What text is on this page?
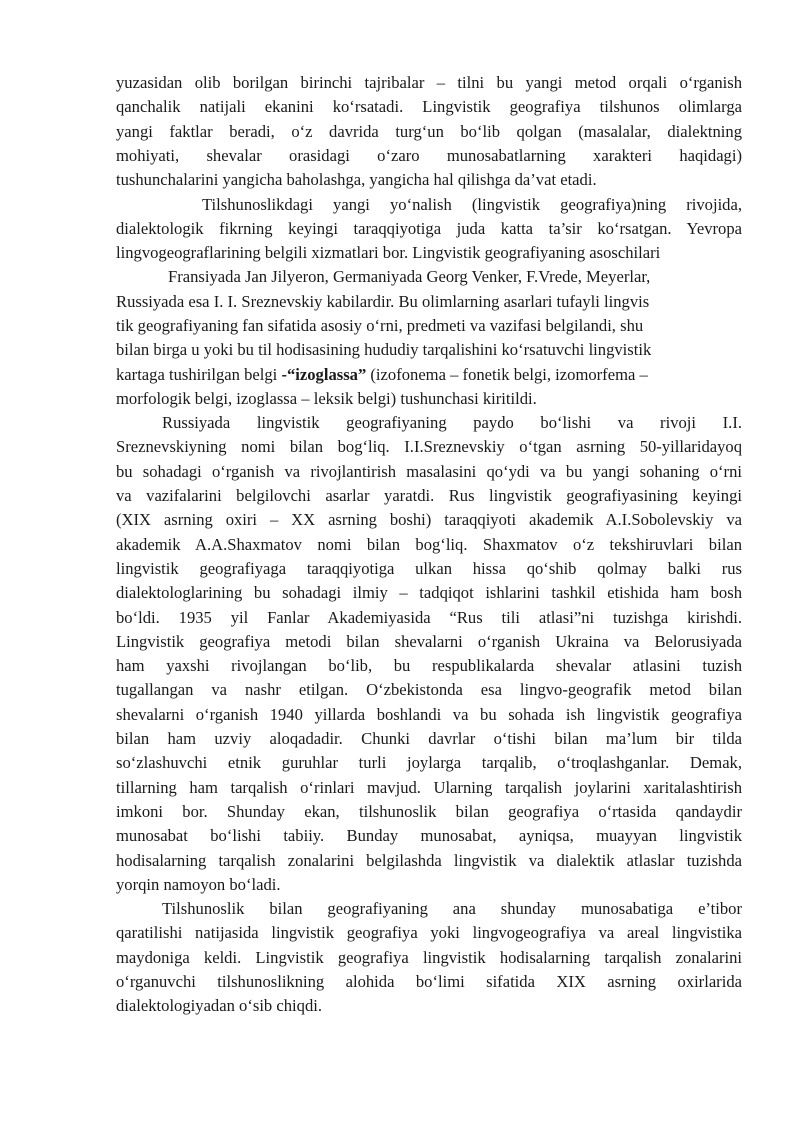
yuzasidan olib borilgan birinchi tajribalar – tilni bu yangi metod orqali o‘rganish
qanchalik natijali ekanini ko‘rsatadi. Lingvistik geografiya tilshunos olimlarga
yangi faktlar beradi, o‘z davrida turg‘un bo‘lib qolgan (masalalar, dialektning
mohiyati, shevalar orasidagi o‘zaro munosabatlarning xarakteri haqidagi)
tushunchalarini yangicha baholashga, yangicha hal qilishga da’vat etadi.
Tilshunoslikdagi yangi yo‘nalish (lingvistik geografiya)ning rivojida,
dialektologik fikrning keyingi taraqqiyotiga juda katta ta’sir ko‘rsatgan. Yevropa
lingvogeograflarining belgili xizmatlari bor. Lingvistik geografiyaning asoschilari
Fransiyada Jan Jilyeron, Germaniyada Georg Venker, F.Vrede, Meyerlar,
Russiyada esa I. I. Sreznevskiy kabilardir. Bu olimlarning asarlari tufayli lingvis
tik geografiyaning fan sifatida asosiy o‘rni, predmeti va vazifasi belgilandi, shu
bilan birga u yoki bu til hodisasining hududiy tarqalishini ko‘rsatuvchi lingvistik
kartaga tushirilgan belgi -“izoglassa” (izofonema – fonetik belgi, izomorfema –
morfologik belgi, izoglassa – leksik belgi) tushunchasi kiritildi.
Russiyada lingvistik geografiyaning paydo bo‘lishi va rivoji I.I.
Sreznevskiyning nomi bilan bog‘liq. I.I.Sreznevskiy o‘tgan asrning 50-yillaridayoq
bu sohadagi o‘rganish va rivojlantirish masalasini qo‘ydi va bu yangi sohaning o‘rni
va vazifalarini belgilovchi asarlar yaratdi. Rus lingvistik geografiyasining keyingi
(XIX asrning oxiri – XX asrning boshi) taraqqiyoti akademik A.I.Sobolevskiy va
akademik A.A.Shaxmatov nomi bilan bog‘liq. Shaxmatov o‘z tekshiruvlari bilan
lingvistik geografiyaga taraqqiyotiga ulkan hissa qo‘shib qolmay balki rus
dialektologlarining bu sohadagi ilmiy – tadqiqot ishlarini tashkil etishida ham bosh
bo‘ldi. 1935 yil Fanlar Akademiyasida “Rus tili atlasi”ni tuzishga kirishdi.
Lingvistik geografiya metodi bilan shevalarni o‘rganish Ukraina va Belorusiyada
ham yaxshi rivojlangan bo‘lib, bu respublikalarda shevalar atlasini tuzish
tugallangan va nashr etilgan. O‘zbekistonda esa lingvo-geografik metod bilan
shevalarni o‘rganish 1940 yillarda boshlandi va bu sohada ish lingvistik geografiya
bilan ham uzviy aloqadadir. Chunki davrlar o‘tishi bilan ma’lum bir tilda
so‘zlashuvchi etnik guruhlar turli joylarga tarqalib, o‘troqlashganlar. Demak,
tillarning ham tarqalish o‘rinlari mavjud. Ularning tarqalish joylarini xaritalashtirish
imkoni bor. Shunday ekan, tilshunoslik bilan geografiya o‘rtasida qandaydir
munosabat bo‘lishi tabiiy. Bunday munosabat, ayniqsa, muayyan lingvistik
hodisalarning tarqalish zonalarini belgilashda lingvistik va dialektik atlaslar tuzishda
yorqin namoyon bo‘ladi.
Tilshunoslik bilan geografiyaning ana shunday munosabatiga e’tibor
qaratilishi natijasida lingvistik geografiya yoki lingvogeografiya va areal lingvistika
maydoniga keldi. Lingvistik geografiya lingvistik hodisalarning tarqalish zonalarini
o‘rganuvchi tilshunoslikning alohida bo‘limi sifatida XIX asrning oxirlarida
dialektologiyadan o‘sib chiqdi.
